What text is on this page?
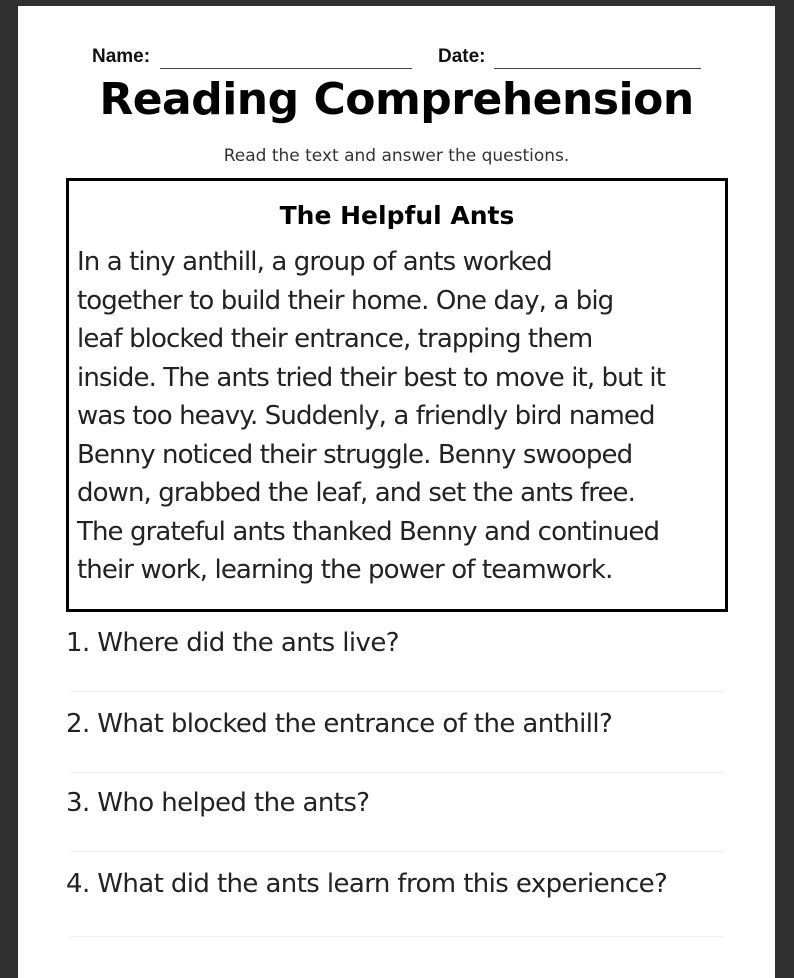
Name:	Date:
Reading Comprehension
Read the text and answer the questions.
The Helpful Ants
In a tiny anthill, a group of ants worked
together to build their home. One day, a big
leaf blocked their entrance, trapping them
inside. The ants tried their best to move it, but it
was too heavy. Suddenly, a friendly bird named
Benny noticed their struggle. Benny swooped
down, grabbed the leaf, and set the ants free.
The grateful ants thanked Benny and continued
their work, learning the power of teamwork.
1. Where did the ants live?
2. What blocked the entrance of the anthill?
3. Who helped the ants?
4. What did the ants learn from this experience?
